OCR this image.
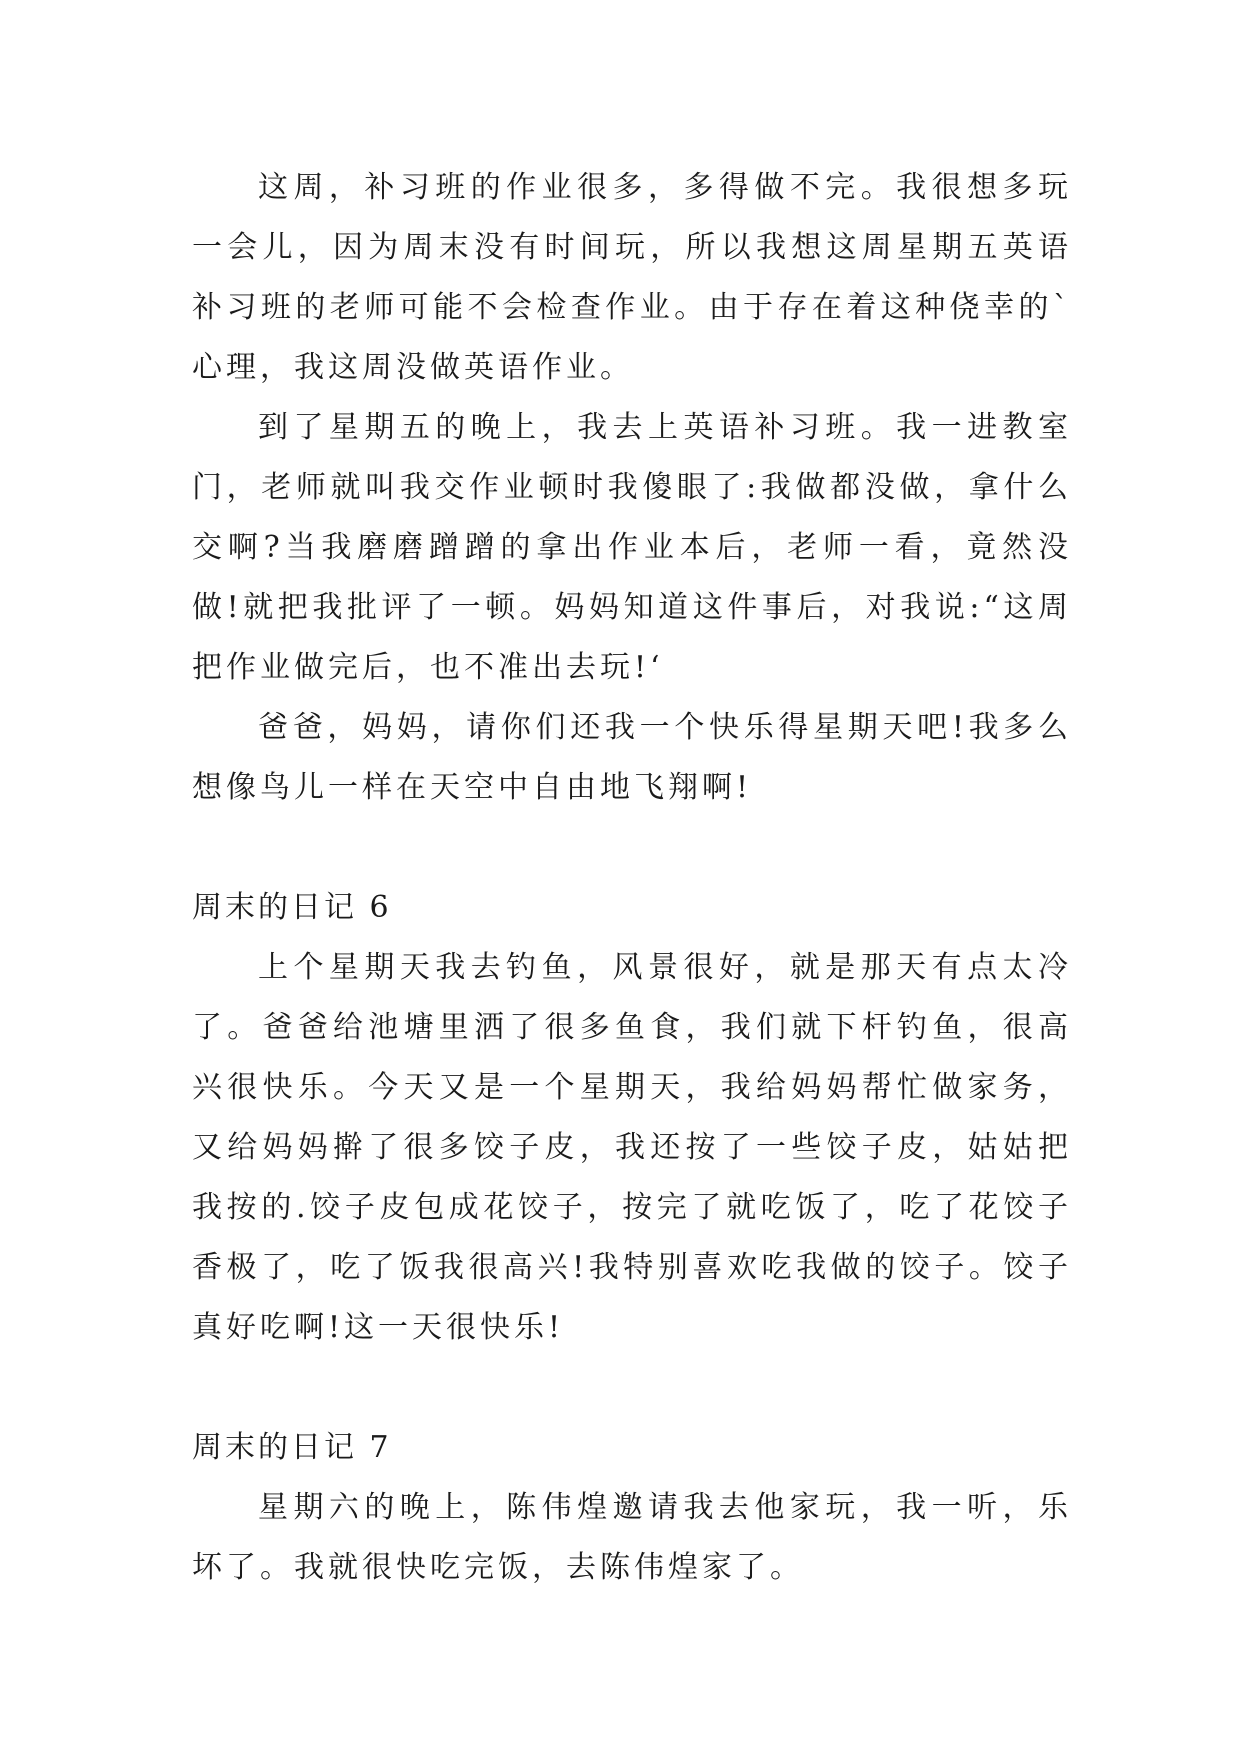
这周，补习班的作业很多，多得做不完。我很想多玩一会儿，因为周末没有时间玩，所以我想这周星期五英语补习班的老师可能不会检查作业。由于存在着这种侥幸的`心理，我这周没做英语作业。

到了星期五的晚上，我去上英语补习班。我一进教室门，老师就叫我交作业顿时我傻眼了:我做都没做，拿什么交啊?当我磨磨蹭蹭的拿出作业本后，老师一看，竟然没做!就把我批评了一顿。妈妈知道这件事后，对我说:“这周把作业做完后，也不准出去玩!‘

爸爸，妈妈，请你们还我一个快乐得星期天吧!我多么想像鸟儿一样在天空中自由地飞翔啊!

周末的日记 6

上个星期天我去钓鱼，风景很好，就是那天有点太冷了。爸爸给池塘里洒了很多鱼食，我们就下杆钓鱼，很高兴很快乐。今天又是一个星期天，我给妈妈帮忙做家务，又给妈妈擀了很多饺子皮，我还按了一些饺子皮，姑姑把我按的.饺子皮包成花饺子，按完了就吃饭了，吃了花饺子香极了，吃了饭我很高兴!我特别喜欢吃我做的饺子。饺子真好吃啊!这一天很快乐!

周末的日记 7

星期六的晚上，陈伟煌邀请我去他家玩，我一听，乐坏了。我就很快吃完饭，去陈伟煌家了。
